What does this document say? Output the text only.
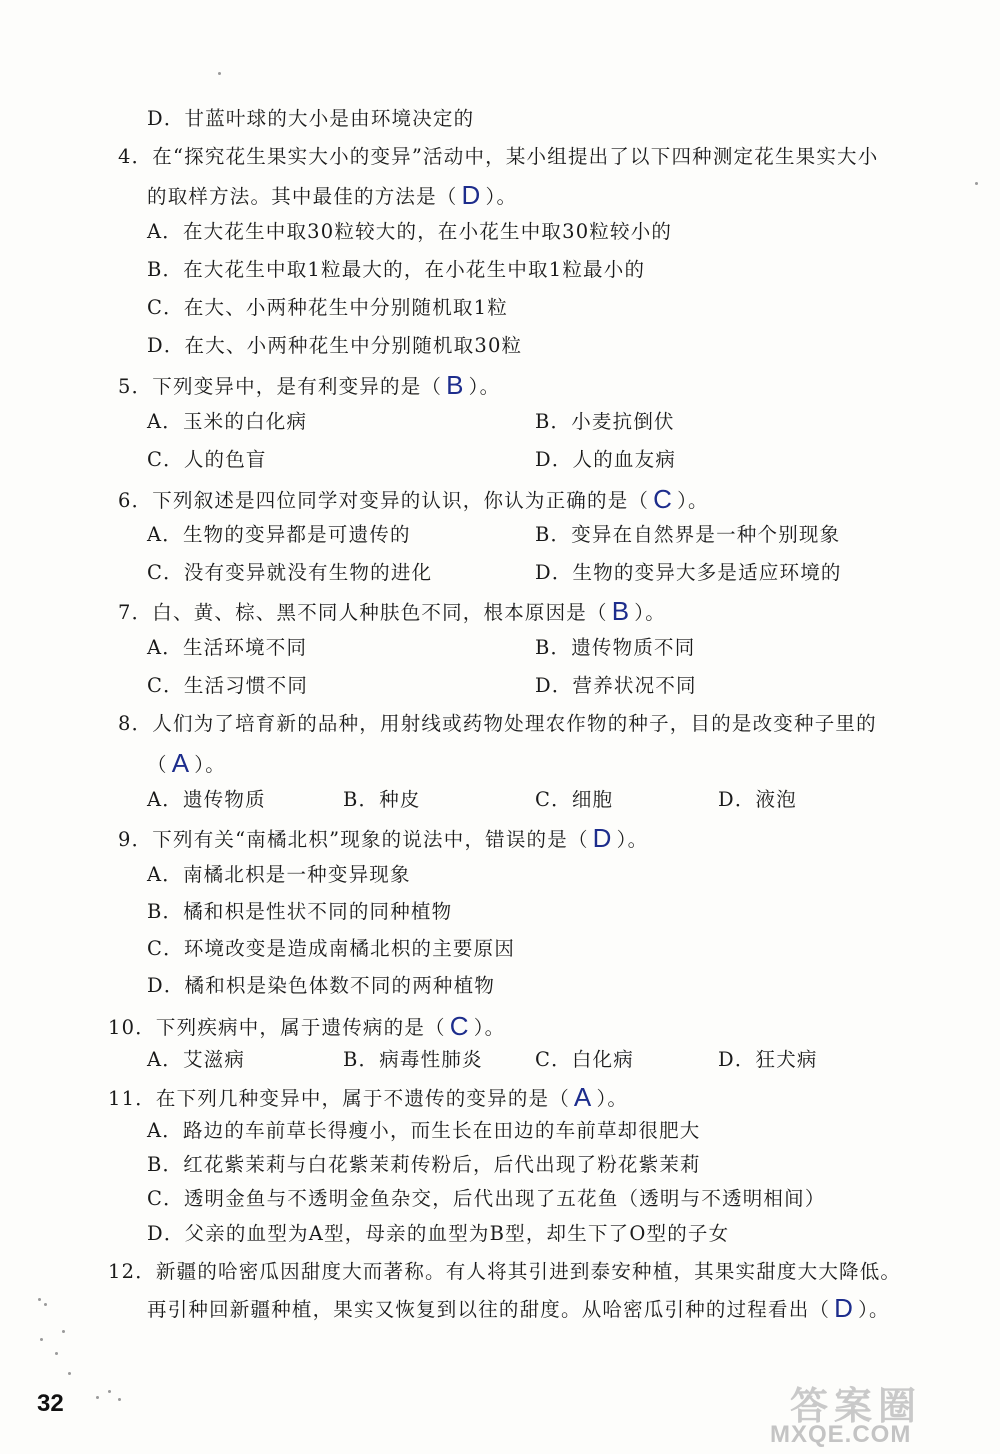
D．甘蓝叶球的大小是由环境决定的
4．在“探究花生果实大小的变异”活动中，某小组提出了以下四种测定花生果实大小
的取样方法。其中最佳的方法是（ D ）。
A．在大花生中取30粒较大的，在小花生中取30粒较小的
B．在大花生中取1粒最大的，在小花生中取1粒最小的
C．在大、小两种花生中分别随机取1粒
D．在大、小两种花生中分别随机取30粒
5．下列变异中，是有利变异的是（ B ）。
A．玉米的白化病	B．小麦抗倒伏
C．人的色盲	D．人的血友病
6．下列叙述是四位同学对变异的认识，你认为正确的是（ C ）。
A．生物的变异都是可遗传的	B．变异在自然界是一种个别现象
C．没有变异就没有生物的进化	D．生物的变异大多是适应环境的
7．白、黄、棕、黑不同人种肤色不同，根本原因是（ B ）。
A．生活环境不同	B．遗传物质不同
C．生活习惯不同	D．营养状况不同
8．人们为了培育新的品种，用射线或药物处理农作物的种子，目的是改变种子里的
（ A ）。
A．遗传物质	B．种皮	C．细胞	D．液泡
9．下列有关“南橘北枳”现象的说法中，错误的是（ D ）。
A．南橘北枳是一种变异现象
B．橘和枳是性状不同的同种植物
C．环境改变是造成南橘北枳的主要原因
D．橘和枳是染色体数不同的两种植物
10．下列疾病中，属于遗传病的是（ C ）。
A．艾滋病	B．病毒性肺炎	C．白化病	D．狂犬病
11．在下列几种变异中，属于不遗传的变异的是（ A ）。
A．路边的车前草长得瘦小，而生长在田边的车前草却很肥大
B．红花紫茉莉与白花紫茉莉传粉后，后代出现了粉花紫茉莉
C．透明金鱼与不透明金鱼杂交，后代出现了五花鱼（透明与不透明相间）
D．父亲的血型为A型，母亲的血型为B型，却生下了O型的子女
12．新疆的哈密瓜因甜度大而著称。有人将其引进到泰安种植，其果实甜度大大降低。
再引种回新疆种植，果实又恢复到以往的甜度。从哈密瓜引种的过程看出（ D ）。
32	答案圈
MXQE.COM
